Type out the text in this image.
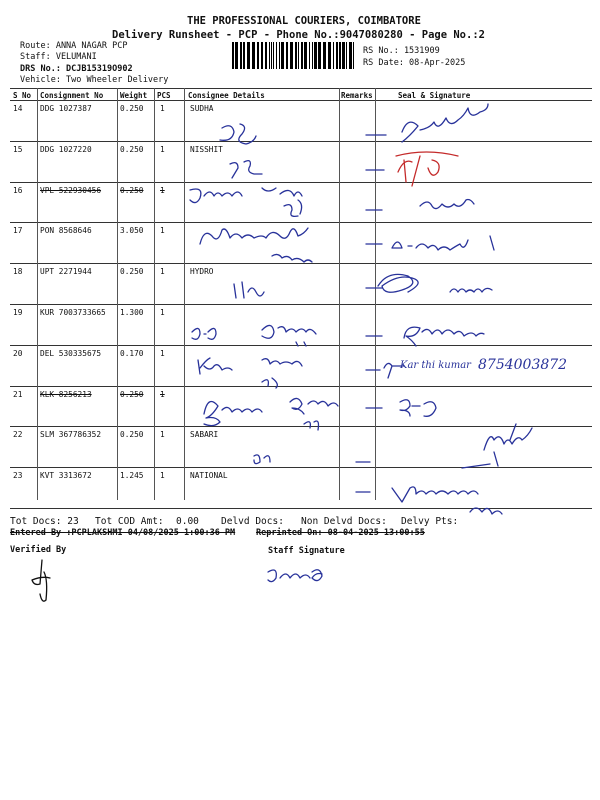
THE PROFESSIONAL COURIERS, COIMBATORE
Delivery Runsheet - PCP - Phone No.:9047080280 - Page No.:2
Route: ANNA NAGAR PCP
Staff: VELUMANI
DRS No.: DCJB15319O902
Vehicle: Two Wheeler Delivery
RS No.: 1531909
RS Date: 08-Apr-2025
S No Consignment No Weight PCS Consignee Details	Remarks	Seal & Signature
14 DDG 1027387	0.250 1	SUDHA
15 DDG 1027220	0.250 1	NISSHIT
16 VPL 522930456 0.250 1
17 PON 8568646	3.050 1
18 UPT 2271944	0.250 1	HYDRO
19 KUR 7003733665 1.300 1
20 DEL 530335675 0.170 1
21 KLK 8256213	0.250 1
22 SLM 367786352 0.250 1	SABARI
23 KVT 3313672	1.245 1	NATIONAL
8754003872
Kar thi kumar
Tot Docs: 23 Tot COD Amt: 0.00 Delvd Docs: Non Delvd Docs: Delvy Pts:
Entered By :PCPLAKSHMI 04/08/2025 1:00:36 PM Reprinted On: 08-04-2025 13:00:55
Verified By	Staff Signature
